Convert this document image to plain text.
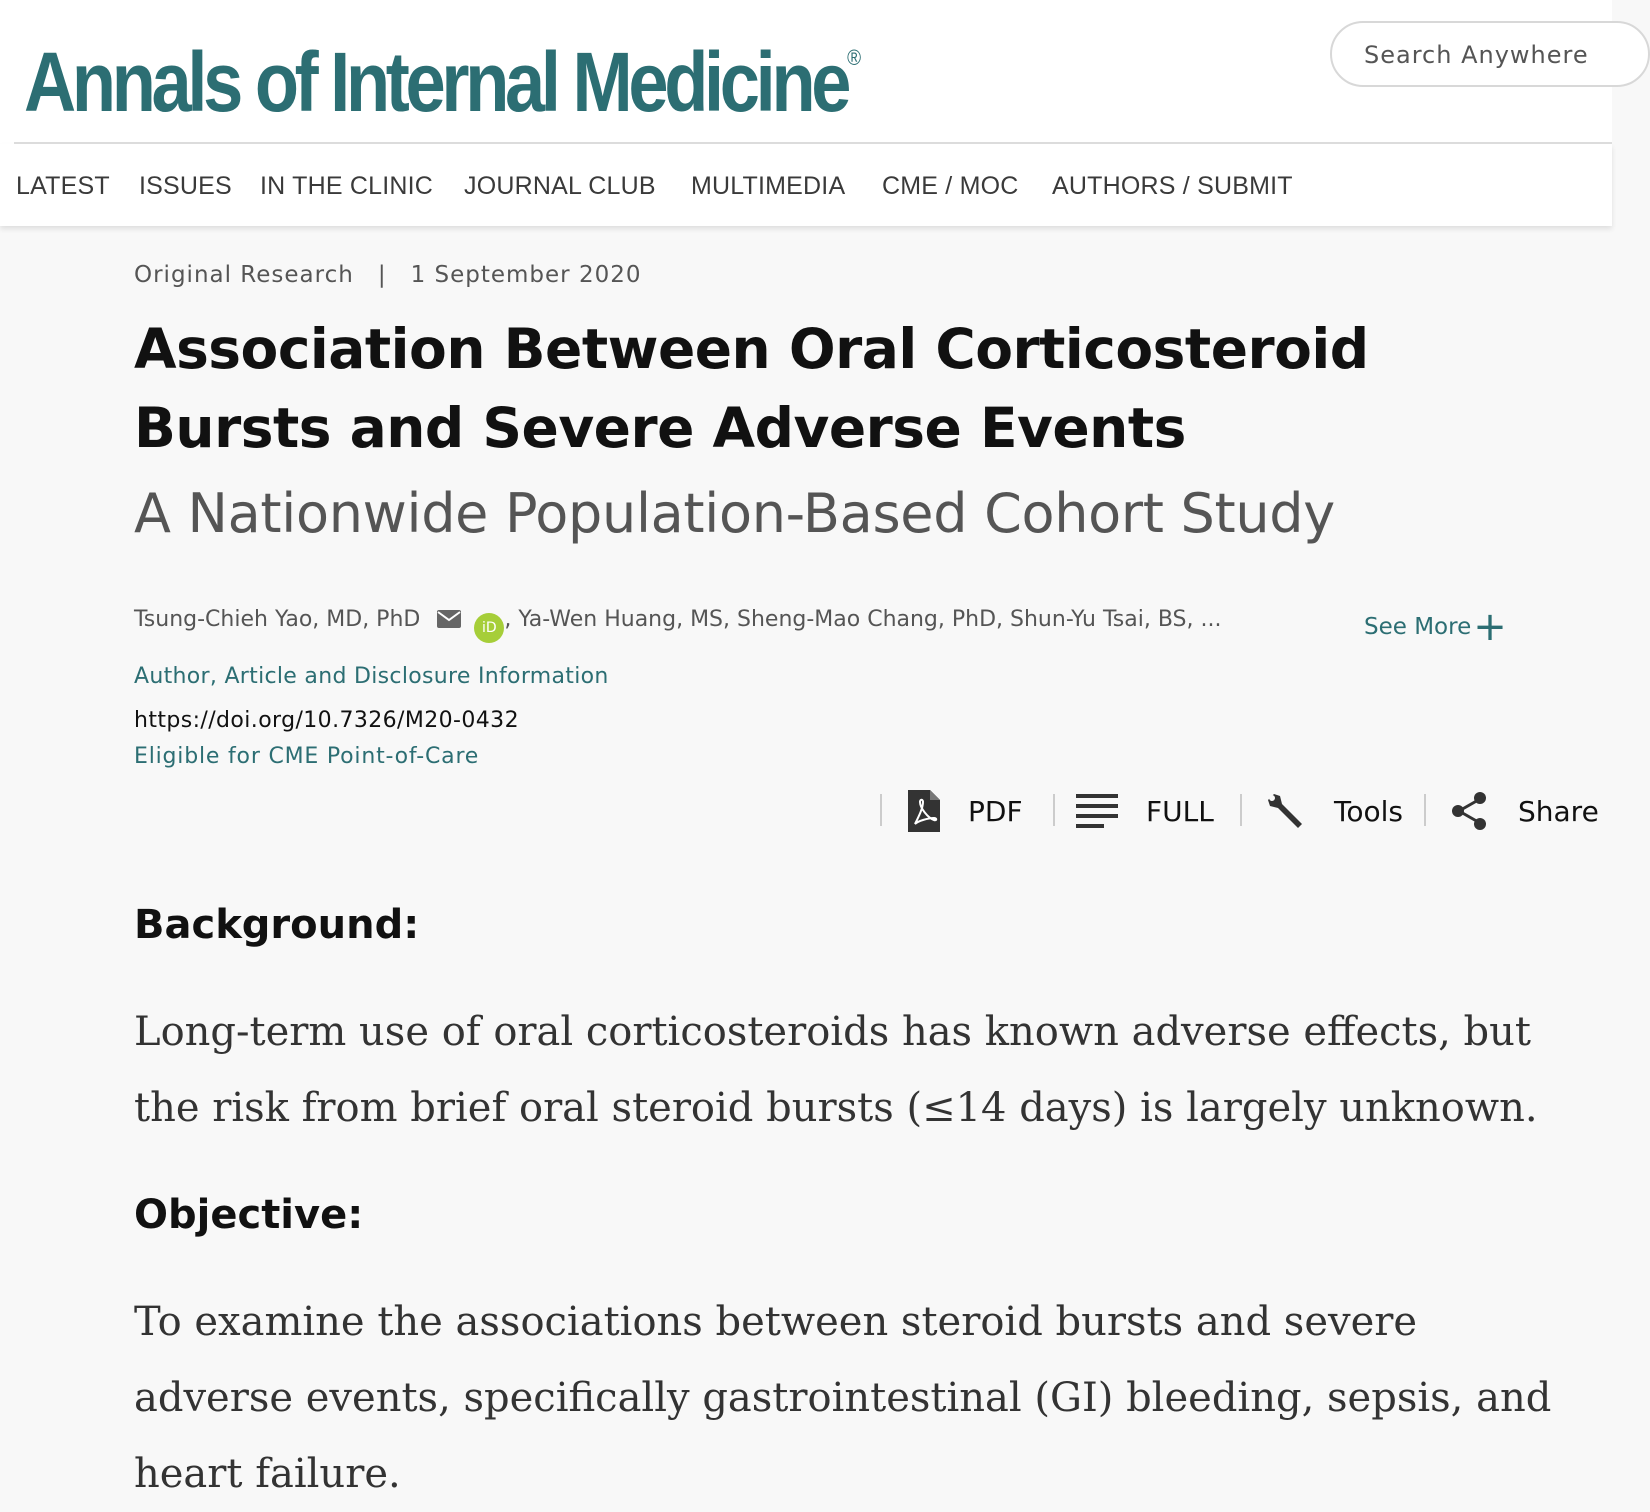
Annals of Internal Medicine®
Search Anywhere
LATEST ISSUES IN THE CLINIC JOURNAL CLUB MULTIMEDIA CME / MOC AUTHORS / SUBMIT
Original Research | 1 September 2020
Association Between Oral Corticosteroid Bursts and Severe Adverse Events
A Nationwide Population-Based Cohort Study
Tsung-Chieh Yao, MD, PhD	iD , Ya-Wen Huang, MS, Sheng-Mao Chang, PhD, Shun-Yu Tsai, BS, ...	See More+
Author, Article and Disclosure Information
https://doi.org/10.7326/M20-0432
Eligible for CME Point-of-Care
PDF	FULL	Tools	Share
Background:
Long-term use of oral corticosteroids has known adverse effects, but the risk from brief oral steroid bursts (≤14 days) is largely unknown.
Objective:
To examine the associations between steroid bursts and severe adverse events, specifically gastrointestinal (GI) bleeding, sepsis, and heart failure.
